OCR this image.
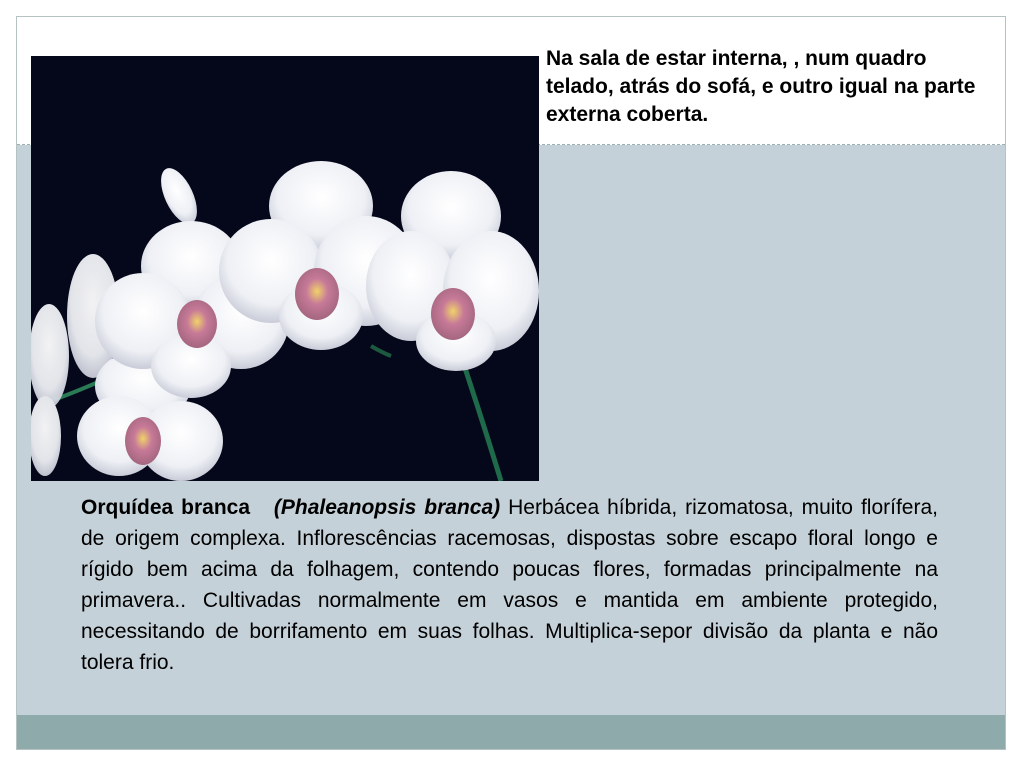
Na sala de estar interna, , num quadro telado, atrás do sofá, e outro igual na parte externa coberta.
Orquídea branca (Phaleanopsis branca) Herbácea híbrida, rizomatosa, muito florífera, de origem complexa. Inflorescências racemosas, dispostas sobre escapo floral longo e rígido bem acima da folhagem, contendo poucas flores, formadas principalmente na primavera.. Cultivadas normalmente em vasos e mantida em ambiente protegido, necessitando de borrifamento em suas folhas. Multiplica-sepor divisão da planta e não tolera frio.
